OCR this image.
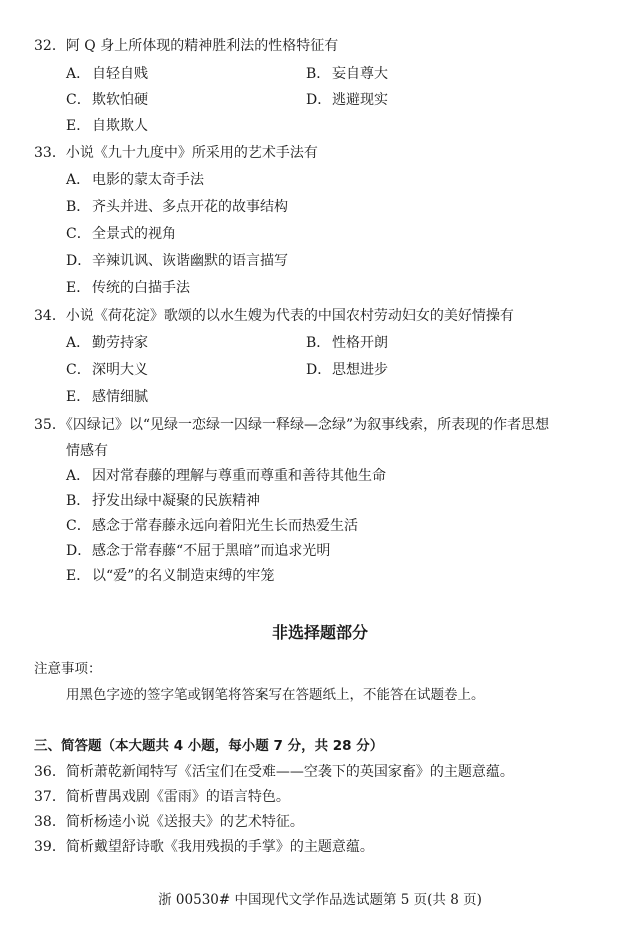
32．阿 Q 身上所体现的精神胜利法的性格特征有
A． 自轻自贱	B． 妄自尊大
C．欺软怕硬	D．逃避现实
E． 自欺欺人
33．小说《九十九度中》所采用的艺术手法有
A． 电影的蒙太奇手法
B． 齐头并进、多点开花的故事结构
C．全景式的视角
D．辛辣讥讽、诙谐幽默的语言描写
E． 传统的白描手法
34．小说《荷花淀》歌颂的以水生嫂为代表的中国农村劳动妇女的美好情操有
A． 勤劳持家	B． 性格开朗
C．深明大义	D．思想进步
E． 感情细腻
35．《囚绿记》以“见绿一恋绿一囚绿一释绿—念绿”为叙事线索，所表现的作者思想
情感有
A． 因对常春藤的理解与尊重而尊重和善待其他生命
B． 抒发出绿中凝聚的民族精神
C．感念于常春藤永远向着阳光生长而热爱生活
D．感念于常春藤“不屈于黑暗”而追求光明
E． 以“爱”的名义制造束缚的牢笼
非选择题部分
注意事项：
用黑色字迹的签字笔或钢笔将答案写在答题纸上，不能答在试题卷上。
三、简答题（本大题共 4 小题，每小题 7 分，共 28 分）
36．简析萧乾新闻特写《活宝们在受难——空袭下的英国家畜》的主题意蕴。
37．简析曹禺戏剧《雷雨》的语言特色。
38．简析杨逵小说《送报夫》的艺术特征。
39．简析戴望舒诗歌《我用残损的手掌》的主题意蕴。
浙 00530# 中国现代文学作品选试题第 5 页(共 8 页)
